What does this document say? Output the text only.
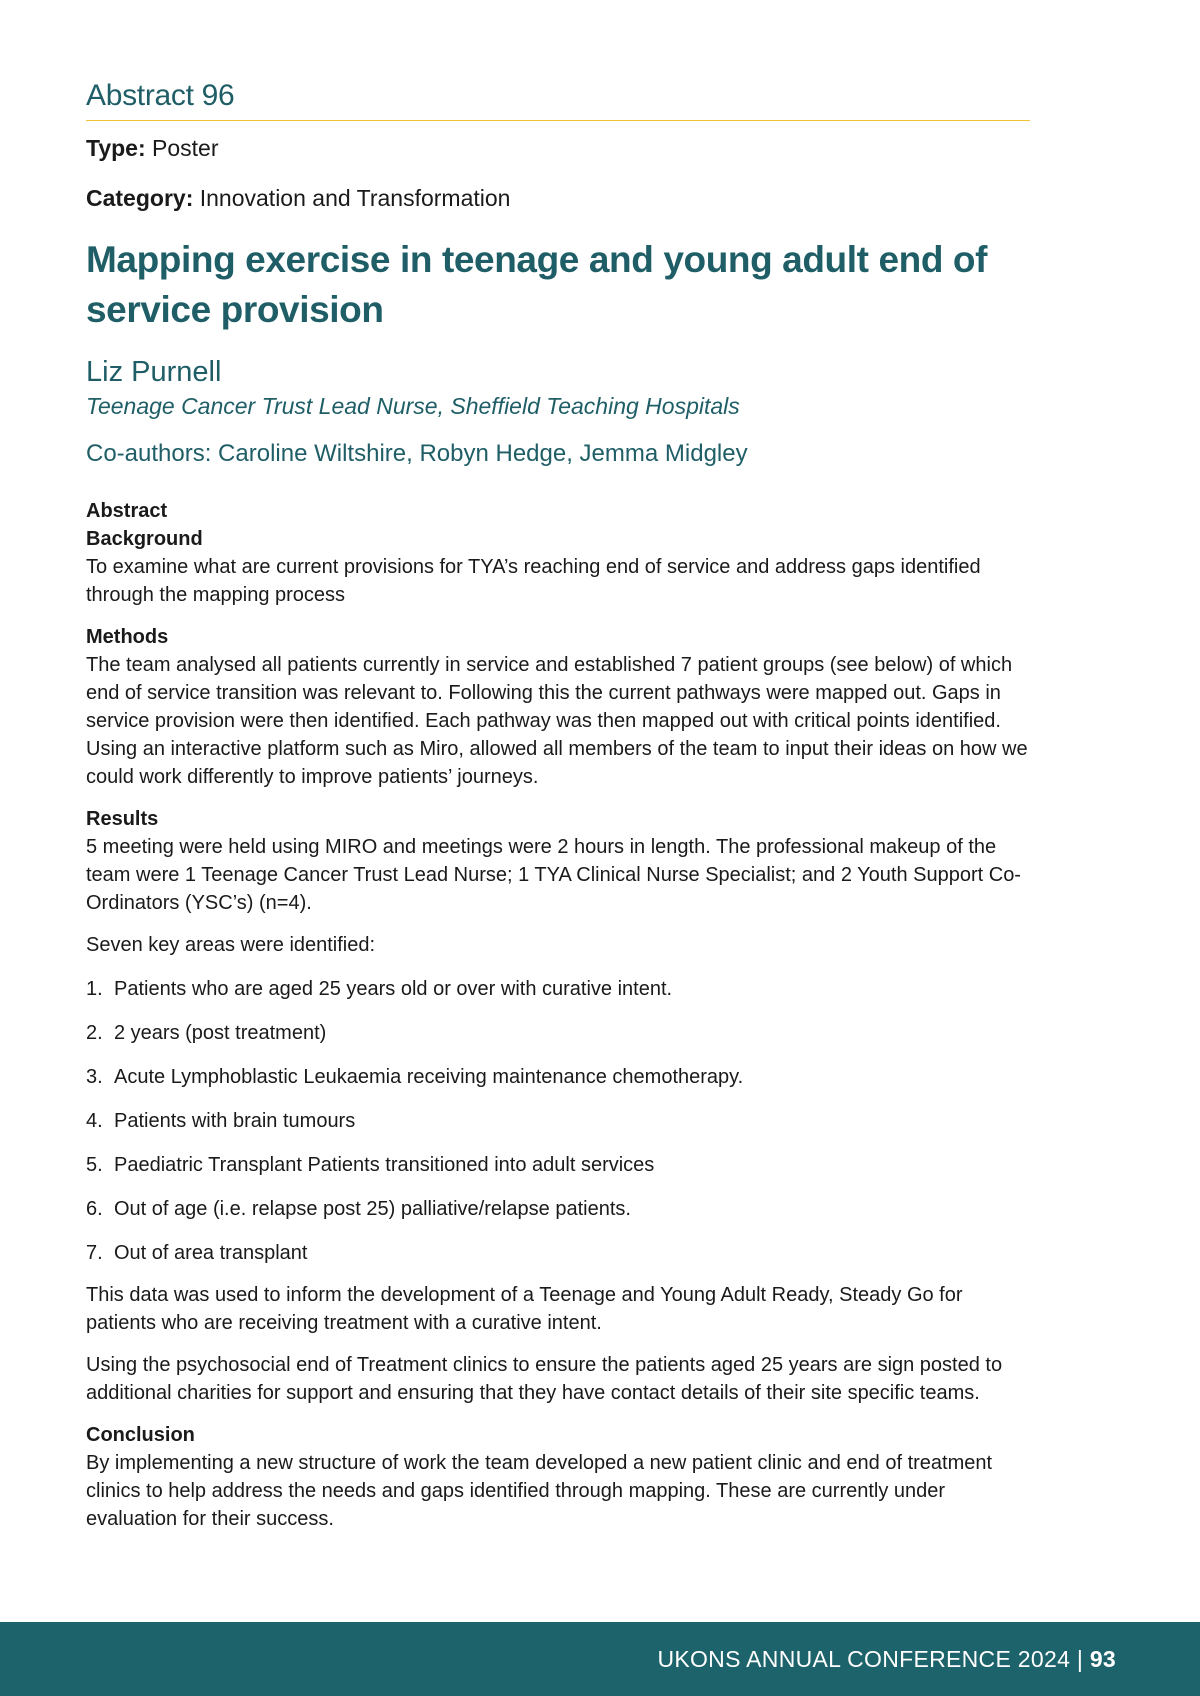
Abstract 96
Type: Poster
Category: Innovation and Transformation
Mapping exercise in teenage and young adult end of service provision
Liz Purnell
Teenage Cancer Trust Lead Nurse, Sheffield Teaching Hospitals
Co-authors: Caroline Wiltshire, Robyn Hedge, Jemma Midgley
Abstract
Background
To examine what are current provisions for TYA’s reaching end of service and address gaps identified through the mapping process
Methods
The team analysed all patients currently in service and established 7 patient groups (see below) of which end of service transition was relevant to. Following this the current pathways were mapped out. Gaps in service provision were then identified. Each pathway was then mapped out with critical points identified. Using an interactive platform such as Miro, allowed all members of the team to input their ideas on how we could work differently to improve patients’ journeys.
Results
5 meeting were held using MIRO and meetings were 2 hours in length. The professional makeup of the team were 1 Teenage Cancer Trust Lead Nurse; 1 TYA Clinical Nurse Specialist; and 2 Youth Support Co-Ordinators (YSC’s) (n=4).
Seven key areas were identified:
1. Patients who are aged 25 years old or over with curative intent.
2. 2 years (post treatment)
3. Acute Lymphoblastic Leukaemia receiving maintenance chemotherapy.
4. Patients with brain tumours
5. Paediatric Transplant Patients transitioned into adult services
6. Out of age (i.e. relapse post 25) palliative/relapse patients.
7. Out of area transplant
This data was used to inform the development of a Teenage and Young Adult Ready, Steady Go for patients who are receiving treatment with a curative intent.
Using the psychosocial end of Treatment clinics to ensure the patients aged 25 years are sign posted to additional charities for support and ensuring that they have contact details of their site specific teams.
Conclusion
By implementing a new structure of work the team developed a new patient clinic and end of treatment clinics to help address the needs and gaps identified through mapping. These are currently under evaluation for their success.
UKONS ANNUAL CONFERENCE 2024 | 93
